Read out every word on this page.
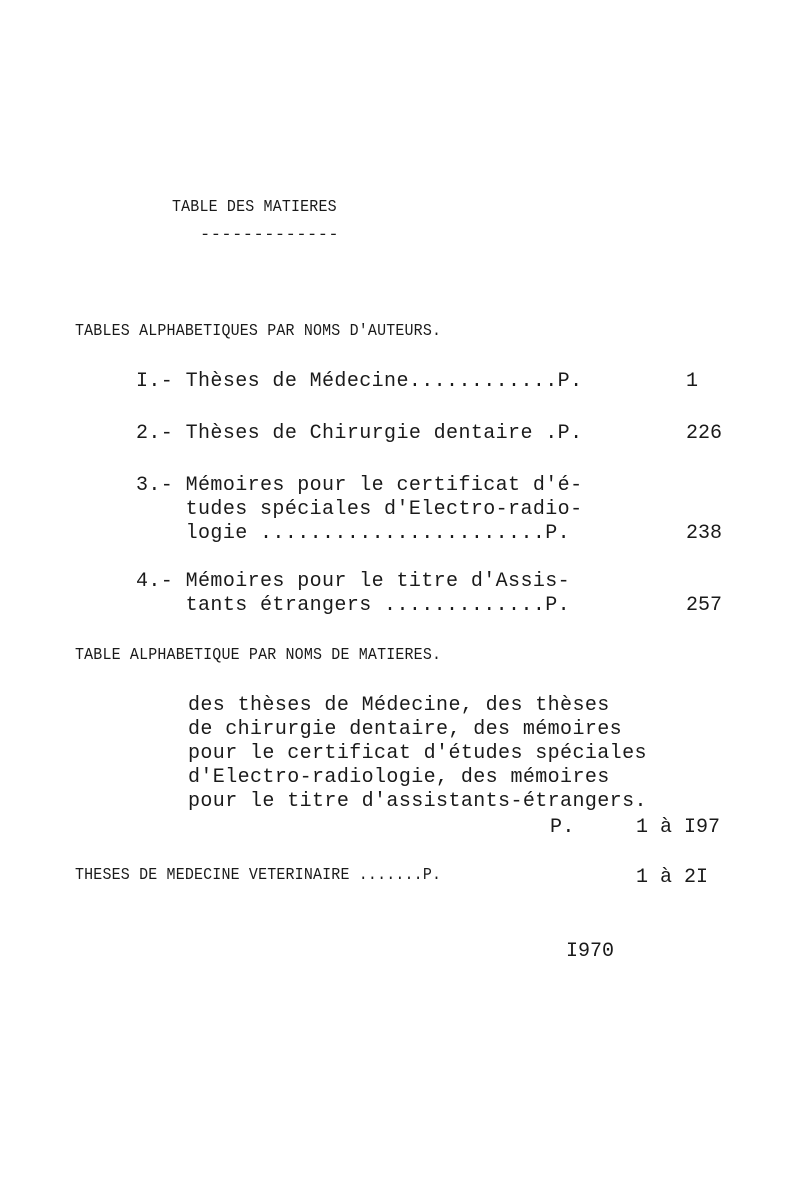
TABLE DES MATIERES
-------------
TABLES ALPHABETIQUES PAR NOMS D'AUTEURS.
I.- Thèses de Médecine............P.	1
2.- Thèses de Chirurgie dentaire .P.	226
3.- Mémoires pour le certificat d'é-
tudes spéciales d'Electro-radio-
logie .......................P.	238
4.- Mémoires pour le titre d'Assis-
tants étrangers .............P.	257
TABLE ALPHABETIQUE PAR NOMS DE MATIERES.
des thèses de Médecine, des thèses
de chirurgie dentaire, des mémoires
pour le certificat d'études spéciales
d'Electro-radiologie, des mémoires
pour le titre d'assistants-étrangers.
P.	1 à I97
THESES DE MEDECINE VETERINAIRE .......P.	1 à 2I
I970
